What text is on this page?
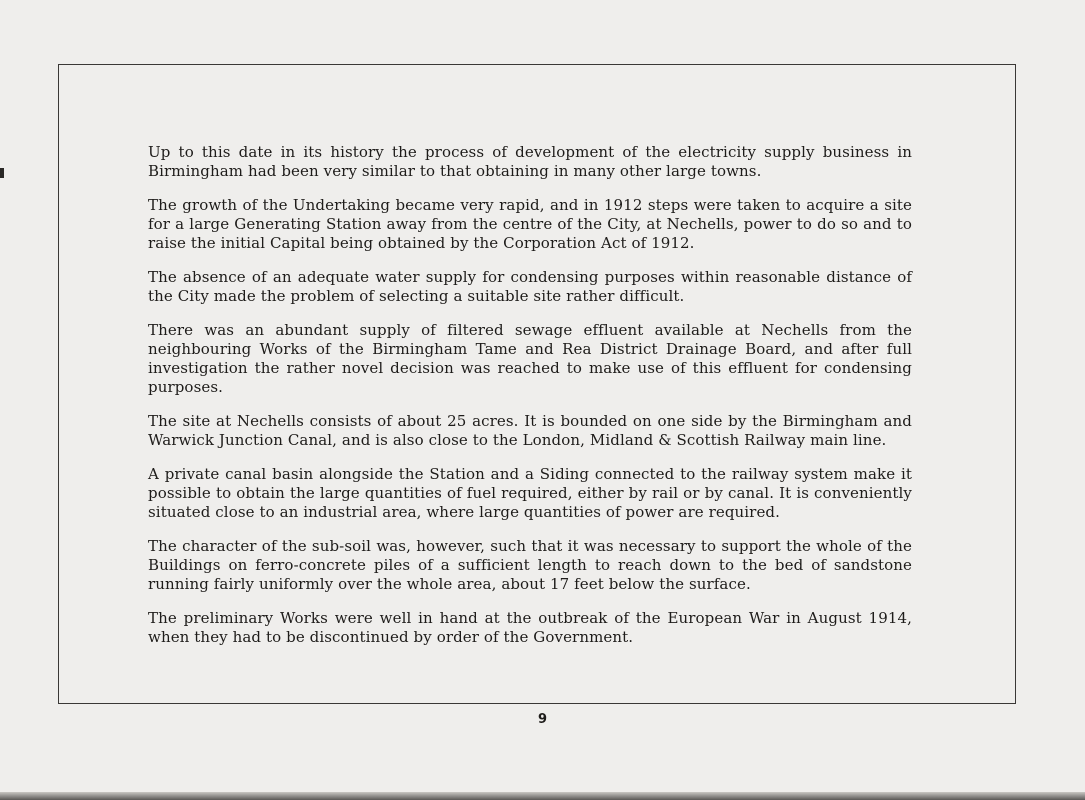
Up to this date in its history the process of development of the electricity supply business in Birmingham had been very similar to that obtaining in many other large towns.

The growth of the Undertaking became very rapid, and in 1912 steps were taken to acquire a site for a large Generating Station away from the centre of the City, at Nechells, power to do so and to raise the initial Capital being obtained by the Corporation Act of 1912.

The absence of an adequate water supply for condensing purposes within reasonable distance of the City made the problem of selecting a suitable site rather difficult.

There was an abundant supply of filtered sewage effluent available at Nechells from the neighbouring Works of the Birmingham Tame and Rea District Drainage Board, and after full investigation the rather novel decision was reached to make use of this effluent for condensing purposes.

The site at Nechells consists of about 25 acres. It is bounded on one side by the Birmingham and Warwick Junction Canal, and is also close to the London, Midland & Scottish Railway main line.

A private canal basin alongside the Station and a Siding connected to the railway system make it possible to obtain the large quantities of fuel required, either by rail or by canal. It is conveniently situated close to an industrial area, where large quantities of power are required.

The character of the sub-soil was, however, such that it was necessary to support the whole of the Buildings on ferro-concrete piles of a sufficient length to reach down to the bed of sandstone running fairly uniformly over the whole area, about 17 feet below the surface.

The preliminary Works were well in hand at the outbreak of the European War in August 1914, when they had to be discontinued by order of the Government.

9
